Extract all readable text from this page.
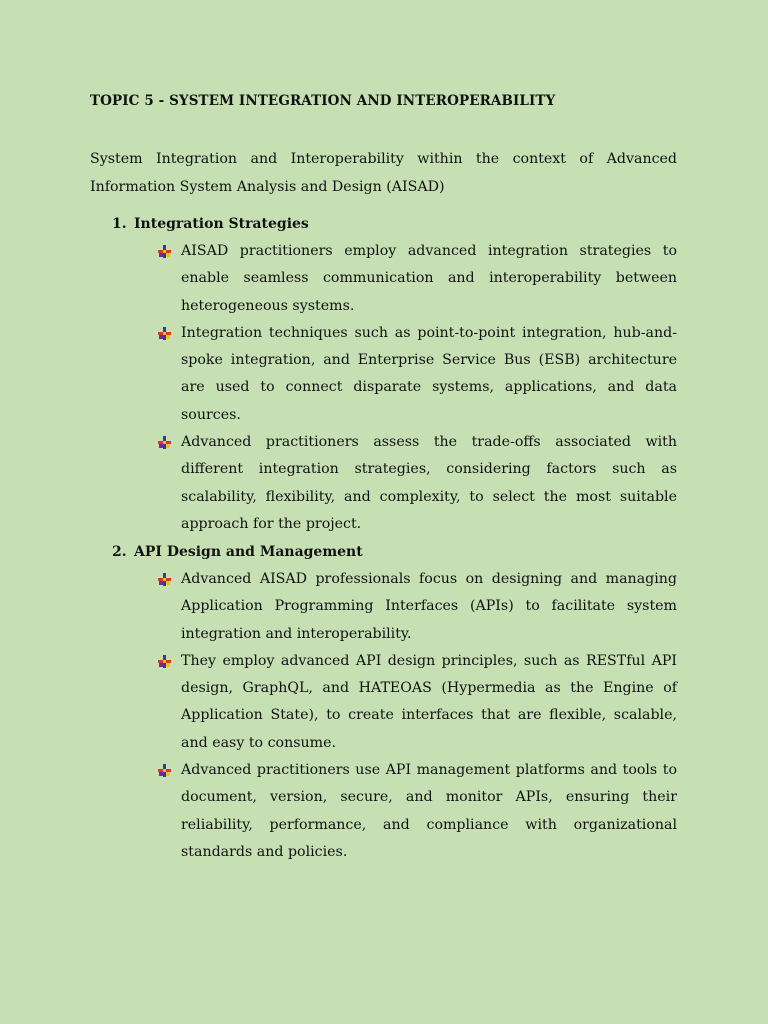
TOPIC 5 - SYSTEM INTEGRATION AND INTEROPERABILITY
System Integration and Interoperability within the context of Advanced Information System Analysis and Design (AISAD)
1. Integration Strategies
AISAD practitioners employ advanced integration strategies to enable seamless communication and interoperability between heterogeneous systems.
Integration techniques such as point-to-point integration, hub-and-spoke integration, and Enterprise Service Bus (ESB) architecture are used to connect disparate systems, applications, and data sources.
Advanced practitioners assess the trade-offs associated with different integration strategies, considering factors such as scalability, flexibility, and complexity, to select the most suitable approach for the project.
2. API Design and Management
Advanced AISAD professionals focus on designing and managing Application Programming Interfaces (APIs) to facilitate system integration and interoperability.
They employ advanced API design principles, such as RESTful API design, GraphQL, and HATEOAS (Hypermedia as the Engine of Application State), to create interfaces that are flexible, scalable, and easy to consume.
Advanced practitioners use API management platforms and tools to document, version, secure, and monitor APIs, ensuring their reliability, performance, and compliance with organizational standards and policies.
